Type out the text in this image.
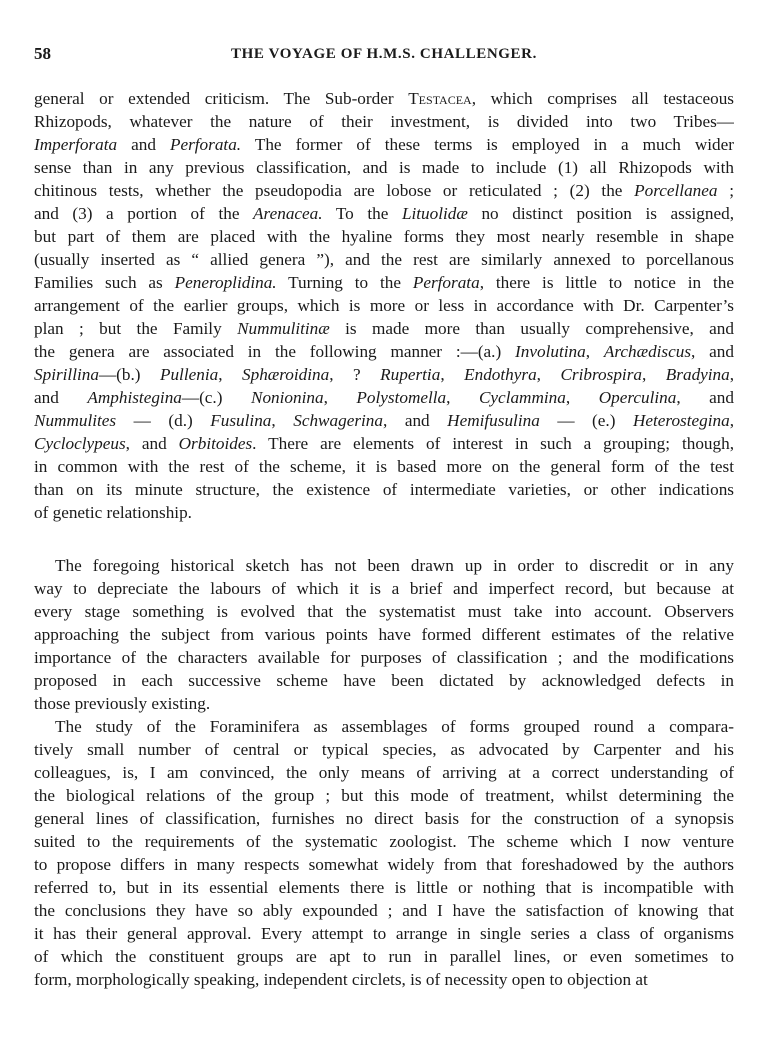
58	THE VOYAGE OF H.M.S. CHALLENGER.
general or extended criticism. The Sub-order Testacea, which comprises all testaceous
Rhizopods, whatever the nature of their investment, is divided into two Tribes—
Imperforata and Perforata. The former of these terms is employed in a much wider
sense than in any previous classification, and is made to include (1) all Rhizopods with
chitinous tests, whether the pseudopodia are lobose or reticulated ; (2) the Porcellanea ;
and (3) a portion of the Arenacea. To the Lituolidæ no distinct position is assigned,
but part of them are placed with the hyaline forms they most nearly resemble in shape
(usually inserted as “ allied genera ”), and the rest are similarly annexed to porcellanous
Families such as Peneroplidina. Turning to the Perforata, there is little to notice in the
arrangement of the earlier groups, which is more or less in accordance with Dr. Carpenter’s
plan ; but the Family Nummulitinæ is made more than usually comprehensive, and
the genera are associated in the following manner :—(a.) Involutina, Archædiscus, and
Spirillina—(b.) Pullenia, Sphæroidina, ? Rupertia, Endothyra, Cribrospira, Bradyina,
and Amphistegina—(c.) Nonionina, Polystomella, Cyclammina, Operculina, and
Nummulites — (d.) Fusulina, Schwagerina, and Hemifusulina — (e.) Heterostegina,
Cycloclypeus, and Orbitoides. There are elements of interest in such a grouping; though,
in common with the rest of the scheme, it is based more on the general form of the test
than on its minute structure, the existence of intermediate varieties, or other indications
of genetic relationship.
The foregoing historical sketch has not been drawn up in order to discredit or in any
way to depreciate the labours of which it is a brief and imperfect record, but because at
every stage something is evolved that the systematist must take into account. Observers
approaching the subject from various points have formed different estimates of the relative
importance of the characters available for purposes of classification ; and the modifications
proposed in each successive scheme have been dictated by acknowledged defects in
those previously existing.
The study of the Foraminifera as assemblages of forms grouped round a compara-
tively small number of central or typical species, as advocated by Carpenter and his
colleagues, is, I am convinced, the only means of arriving at a correct understanding of
the biological relations of the group ; but this mode of treatment, whilst determining the
general lines of classification, furnishes no direct basis for the construction of a synopsis
suited to the requirements of the systematic zoologist. The scheme which I now venture
to propose differs in many respects somewhat widely from that foreshadowed by the authors
referred to, but in its essential elements there is little or nothing that is incompatible with
the conclusions they have so ably expounded ; and I have the satisfaction of knowing that
it has their general approval. Every attempt to arrange in single series a class of organisms
of which the constituent groups are apt to run in parallel lines, or even sometimes to
form, morphologically speaking, independent circlets, is of necessity open to objection at
